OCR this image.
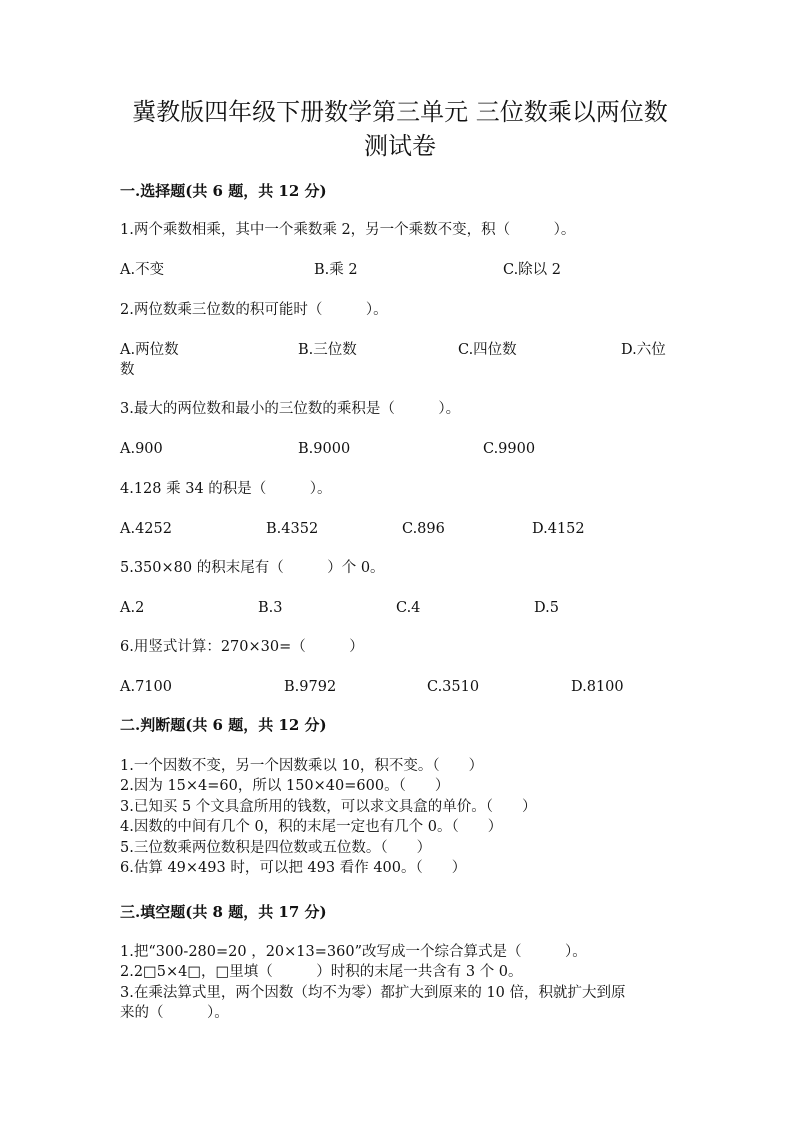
冀教版四年级下册数学第三单元 三位数乘以两位数
测试卷
一.选择题(共 6 题，共 12 分)
1.两个乘数相乘，其中一个乘数乘 2，另一个乘数不变，积（　　　）。
A.不变	B.乘 2	C.除以 2
2.两位数乘三位数的积可能时（　　　）。
A.两位数	B.三位数	C.四位数	D.六位
数
3.最大的两位数和最小的三位数的乘积是（　　　）。
A.900	B.9000	C.9900
4.128 乘 34 的积是（　　　）。
A.4252	B.4352	C.896	D.4152
5.350×80 的积末尾有（　　　）个 0。
A.2	B.3	C.4	D.5
6.用竖式计算：270×30=（　　　）
A.7100	B.9792	C.3510	D.8100
二.判断题(共 6 题，共 12 分)
1.一个因数不变，另一个因数乘以 10，积不变。（　　）
2.因为 15×4=60，所以 150×40=600。（　　）
3.已知买 5 个文具盒所用的钱数，可以求文具盒的单价。（　　）
4.因数的中间有几个 0，积的末尾一定也有几个 0。（　　）
5.三位数乘两位数积是四位数或五位数。（　　）
6.估算 49×493 时，可以把 493 看作 400。（　　）
三.填空题(共 8 题，共 17 分)
1.把“300-280=20 ，20×13=360”改写成一个综合算式是（　　　）。
2.2□5×4□，□里填（　　　）时积的末尾一共含有 3 个 0。
3.在乘法算式里，两个因数（均不为零）都扩大到原来的 10 倍，积就扩大到原
来的（　　　）。
